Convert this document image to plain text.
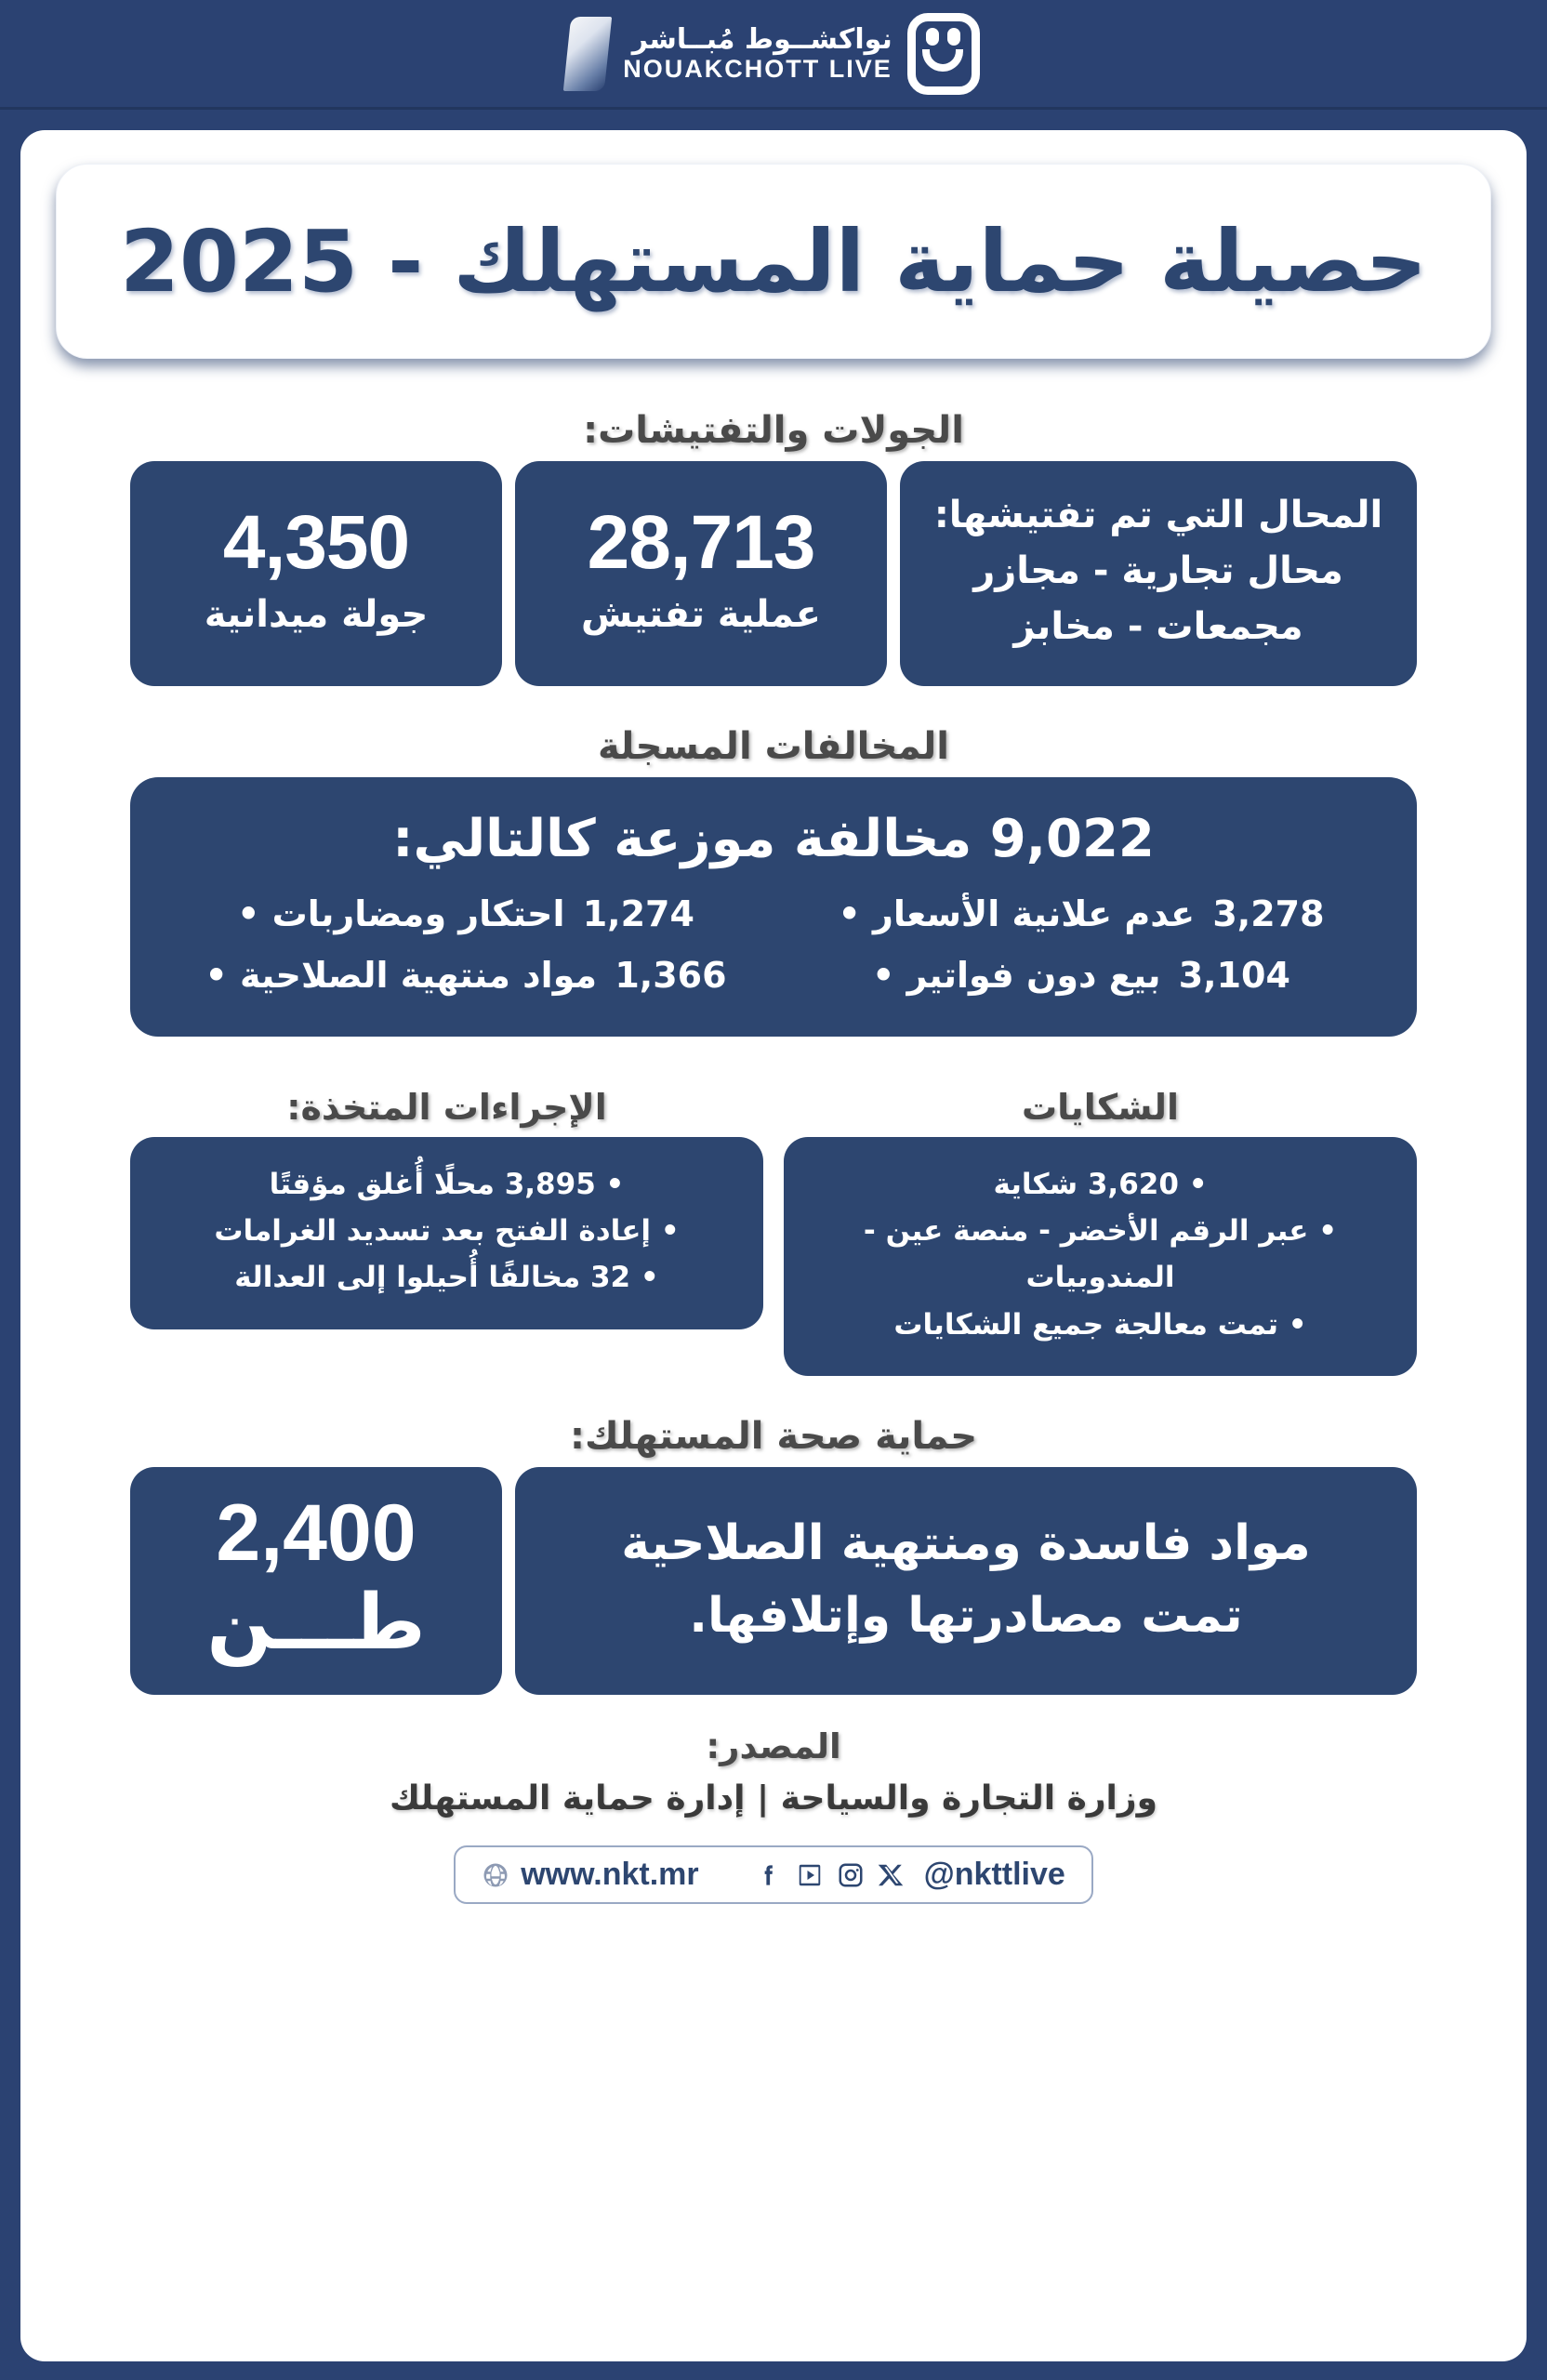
نواكشــوط مُبــاشر
NOUAKCHOTT LIVE
حصيلة حماية المستهلك - 2025
الجولات والتفتيشات:
المحال التي تم تفتيشها:
محال تجارية - مجازر
مجمعات - مخابز
28,713
عملية تفتيش
4,350
جولة ميدانية
المخالفات المسجلة
9,022 مخالفة موزعة كالتالي:
3,278 عدم علانية الأسعار •
1,274 احتكار ومضاربات •
3,104 بيع دون فواتير •
1,366 مواد منتهية الصلاحية •
الشكايات
• 3,620 شكاية
• عبر الرقم الأخضر - منصة عين - المندوبيات
• تمت معالجة جميع الشكايات
الإجراءات المتخذة:
• 3,895 محلًا أُغلق مؤقتًا
• إعادة الفتح بعد تسديد الغرامات
• 32 مخالفًا أُحيلوا إلى العدالة
حماية صحة المستهلك:
مواد فاسدة ومنتهية الصلاحية
تمت مصادرتها وإتلافها.
2,400
طـــن
المصدر:
وزارة التجارة والسياحة | إدارة حماية المستهلك
www.nkt.mr	@nkttlive
